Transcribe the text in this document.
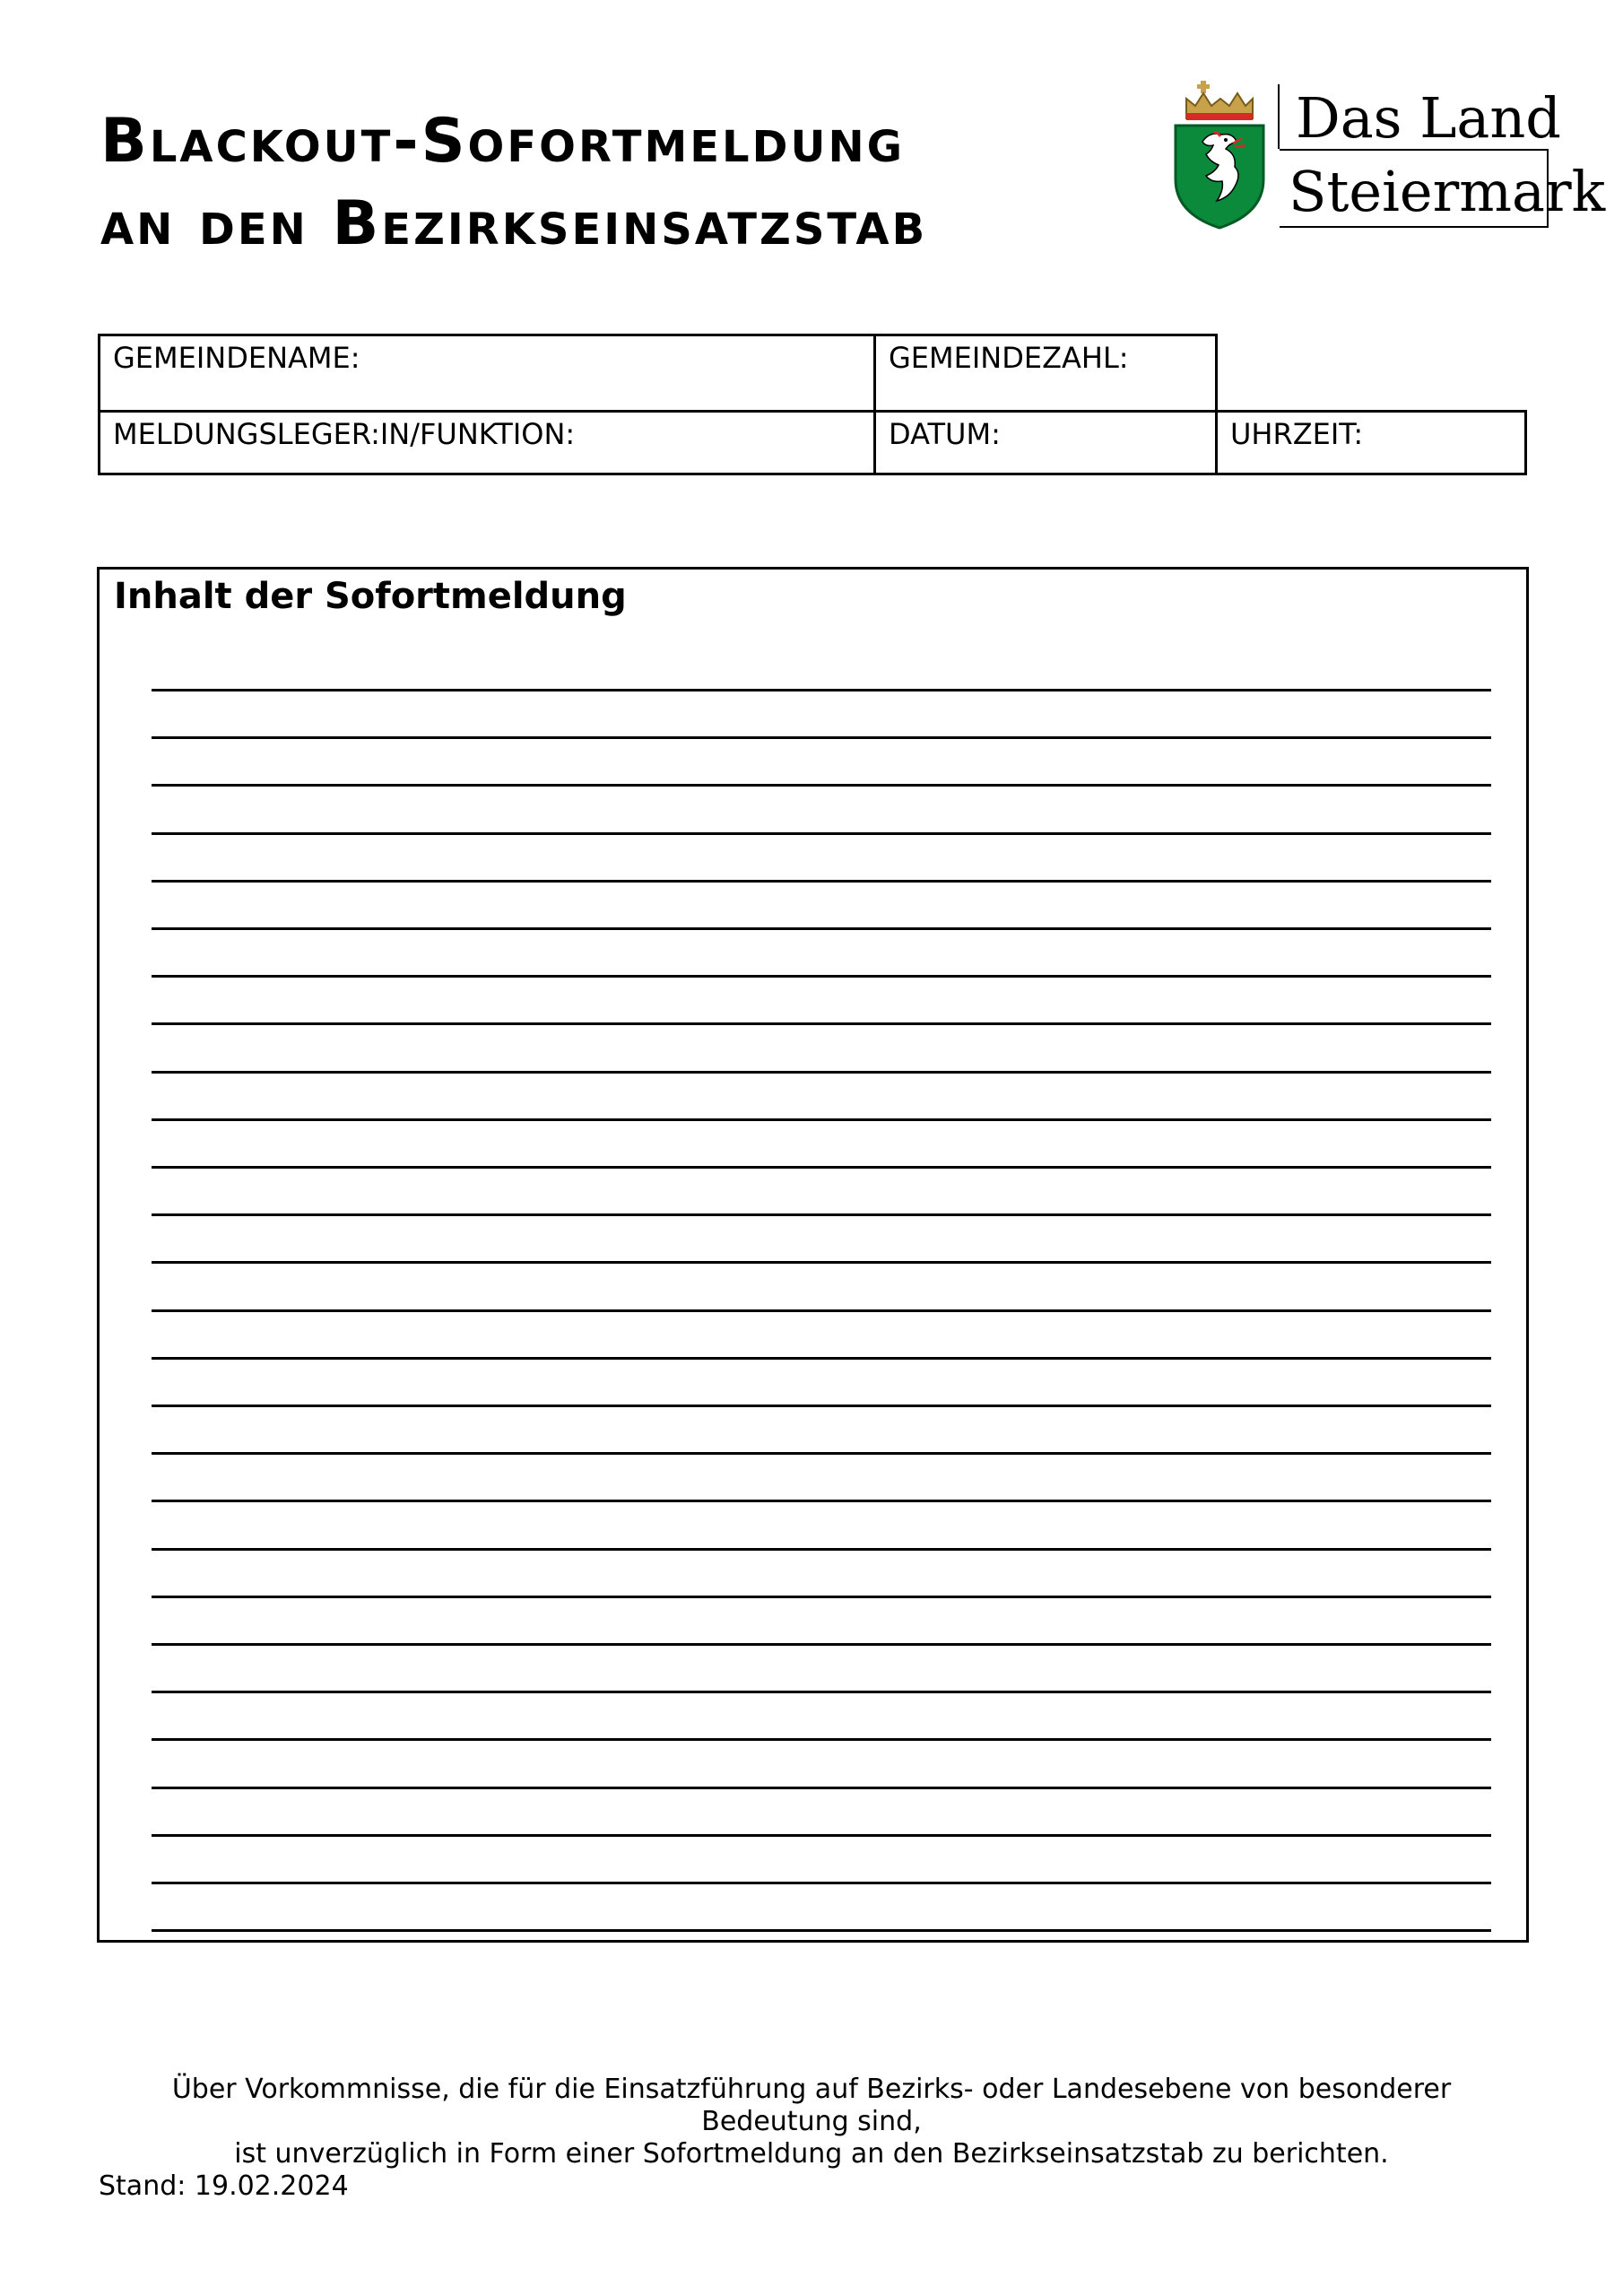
Blackout-Sofortmeldung
an den Bezirkseinsatzstab
Das Land
Steiermark
GEMEINDENAME:	GEMEINDEZAHL:
MELDUNGSLEGER:IN/FUNKTION:	DATUM:	UHRZEIT:
Inhalt der Sofortmeldung
Über Vorkommnisse, die für die Einsatzführung auf Bezirks- oder Landesebene von besonderer
Bedeutung sind,
ist unverzüglich in Form einer Sofortmeldung an den Bezirkseinsatzstab zu berichten.
Stand: 19.02.2024
